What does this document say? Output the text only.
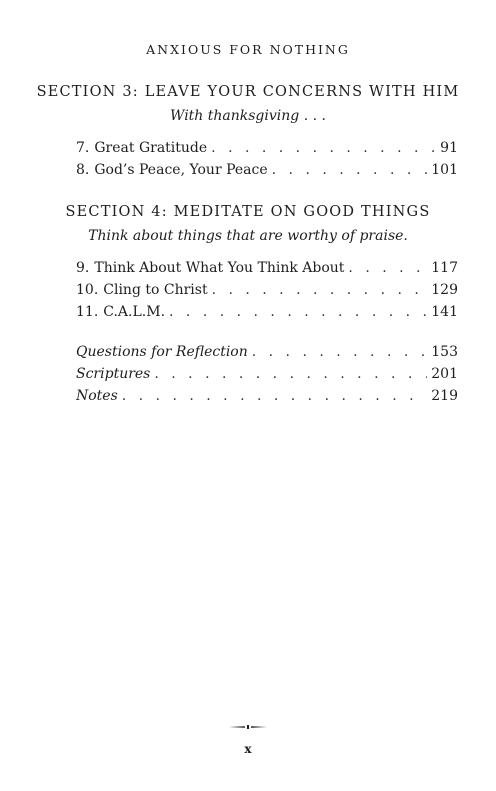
ANXIOUS FOR NOTHING
SECTION 3: LEAVE YOUR CONCERNS WITH HIM
With thanksgiving . . .
7. Great Gratitude . . .	91
8. God’s Peace, Your Peace . . .	101
SECTION 4: MEDITATE ON GOOD THINGS
Think about things that are worthy of praise.
9. Think About What You Think About . . .	117
10. Cling to Christ . . .	129
11. C.A.L.M. . . .	141
Questions for Reflection . . .	153
Scriptures . . .	201
Notes . . .	219
x
